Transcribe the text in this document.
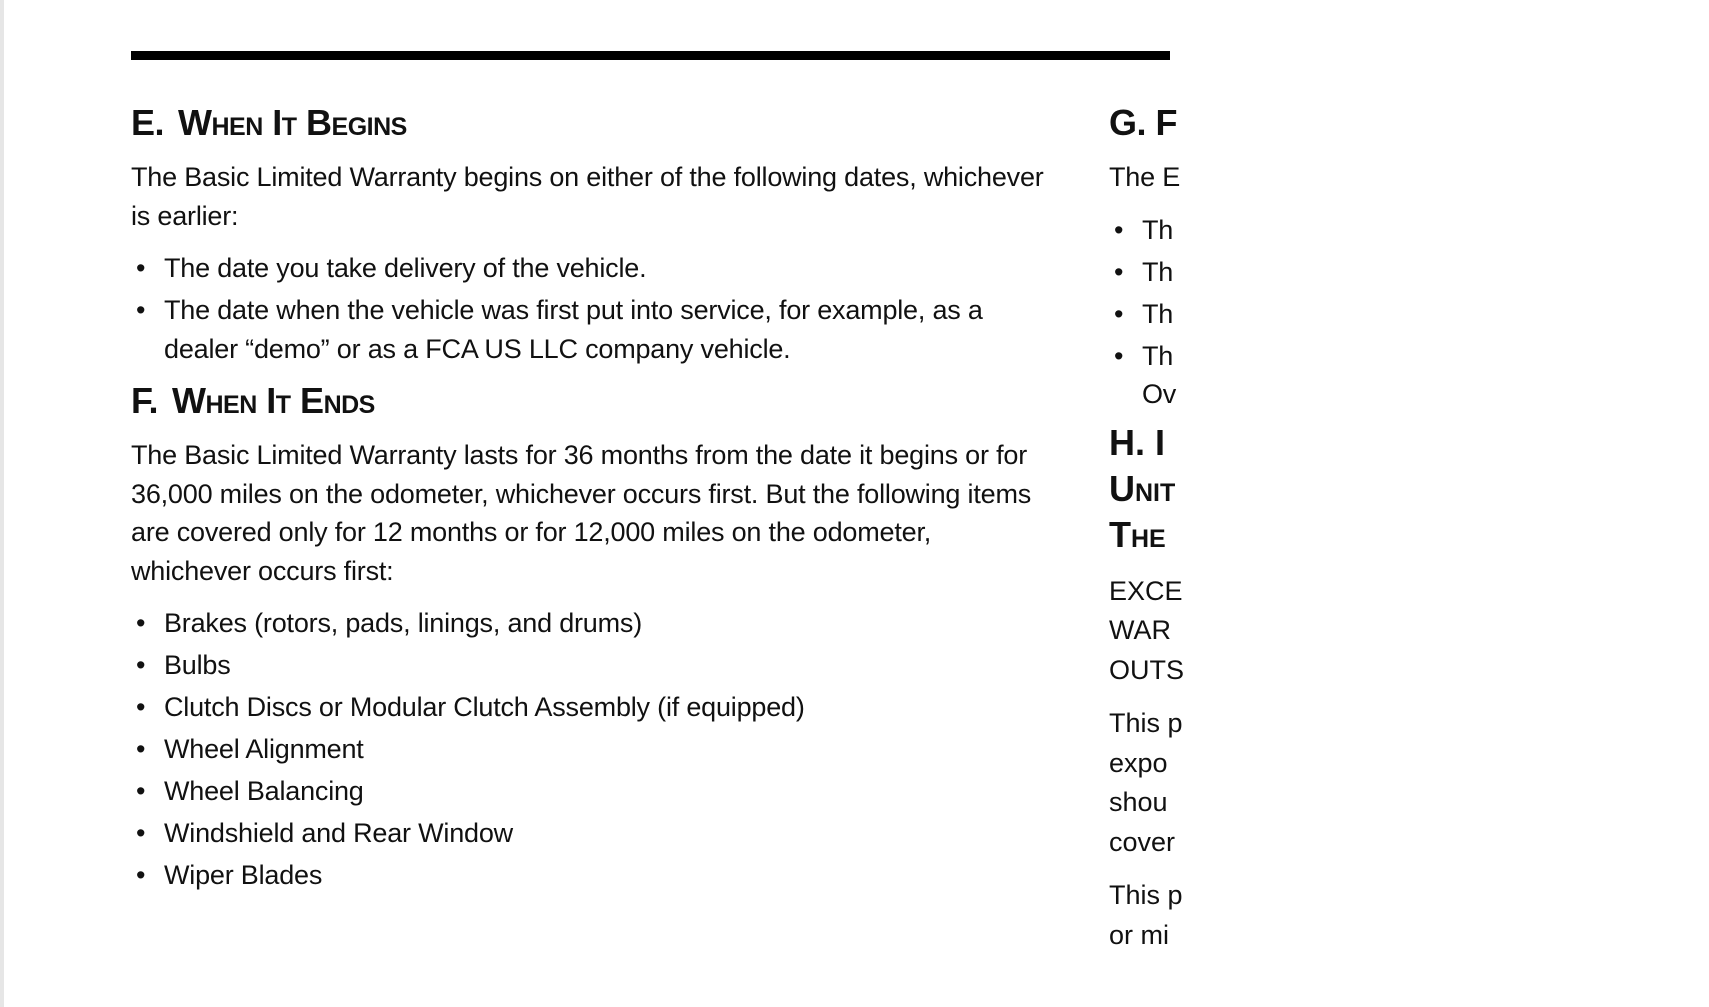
E. When It Begins

The Basic Limited Warranty begins on either of the following dates, whichever is earlier:

• The date you take delivery of the vehicle.
• The date when the vehicle was first put into service, for example, as a dealer “demo” or as a FCA US LLC company vehicle.
F. When It Ends

The Basic Limited Warranty lasts for 36 months from the date it begins or for 36,000 miles on the odometer, whichever occurs first. But the following items are covered only for 12 months or for 12,000 miles on the odometer, whichever occurs first:

• Brakes (rotors, pads, linings, and drums)
• Bulbs
• Clutch Discs or Modular Clutch Assembly (if equipped)
• Wheel Alignment
• Wheel Balancing
• Windshield and Rear Window
• Wiper Blades
G. F

The E

• Th
• Th
• Th
• Th
Ov
H. I
Unit
The
EXCE
WAR
OUTS
This p
expo
shou
cover
This p
or mi
